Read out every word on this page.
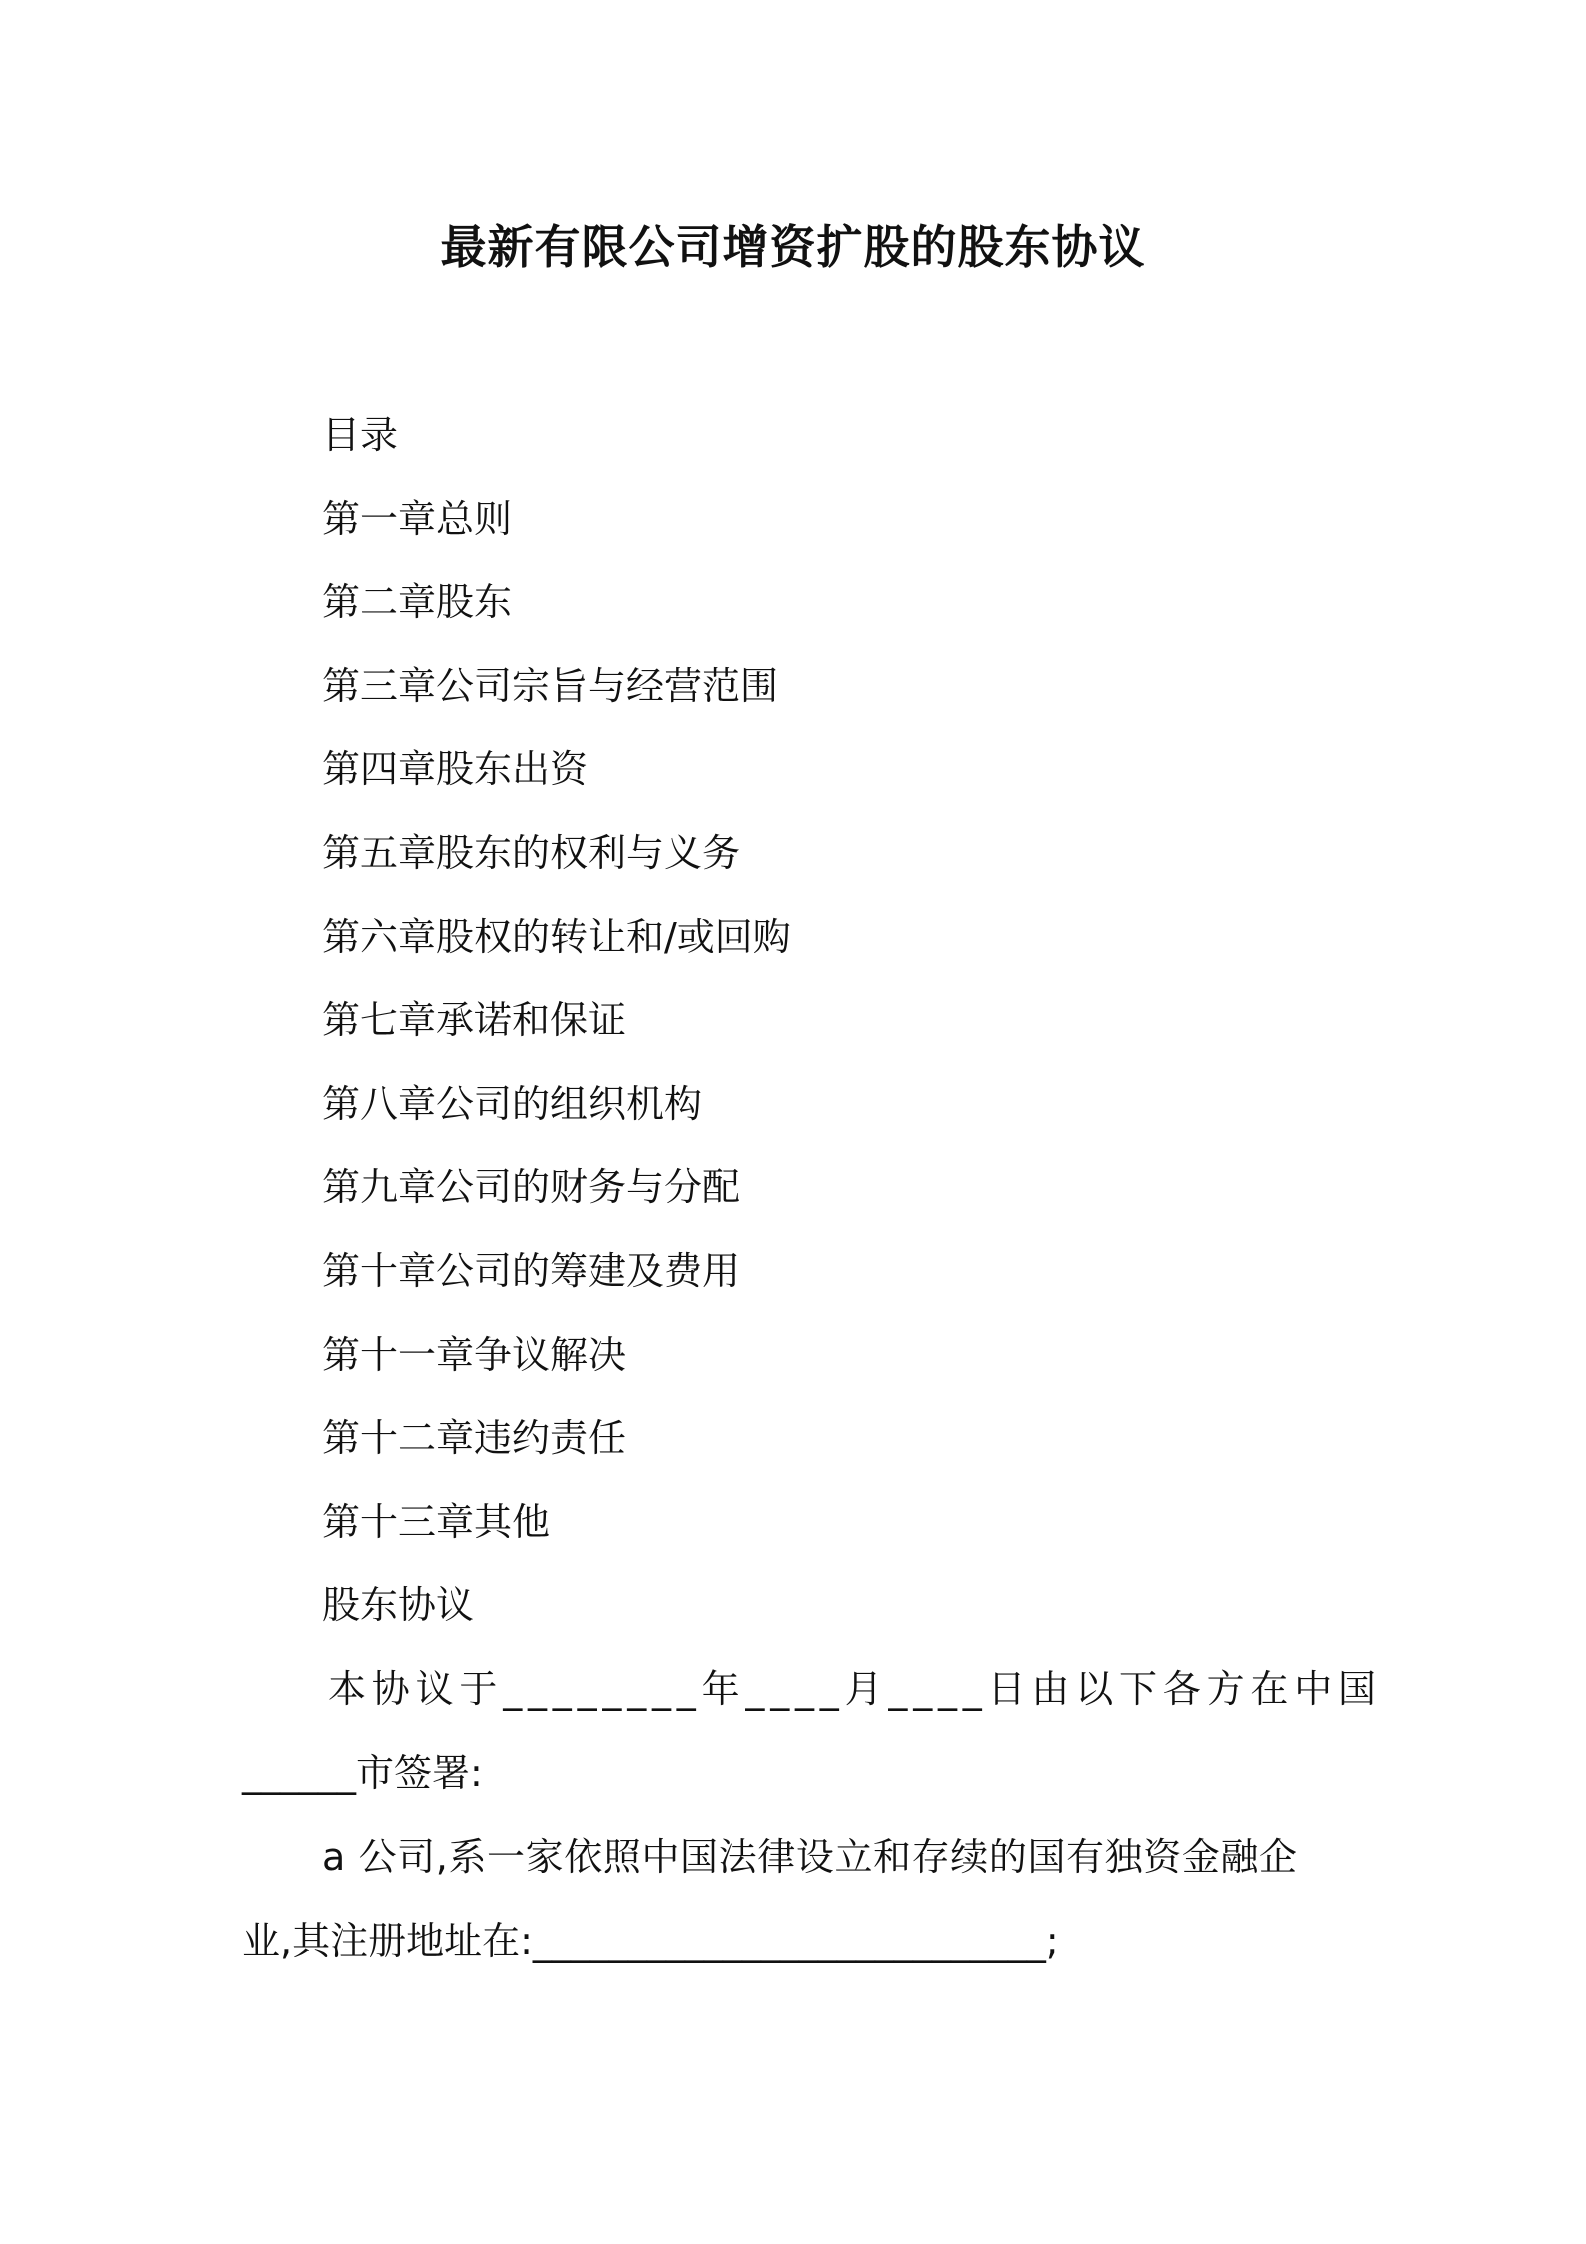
最新有限公司增资扩股的股东协议
目录
第一章总则
第二章股东
第三章公司宗旨与经营范围
第四章股东出资
第五章股东的权利与义务
第六章股权的转让和/或回购
第七章承诺和保证
第八章公司的组织机构
第九章公司的财务与分配
第十章公司的筹建及费用
第十一章争议解决
第十二章违约责任
第十三章其他
股东协议
本协议于________年____月____日由以下各方在中国
______市签署:
a 公司,系一家依照中国法律设立和存续的国有独资金融企
业,其注册地址在:___________________________;
